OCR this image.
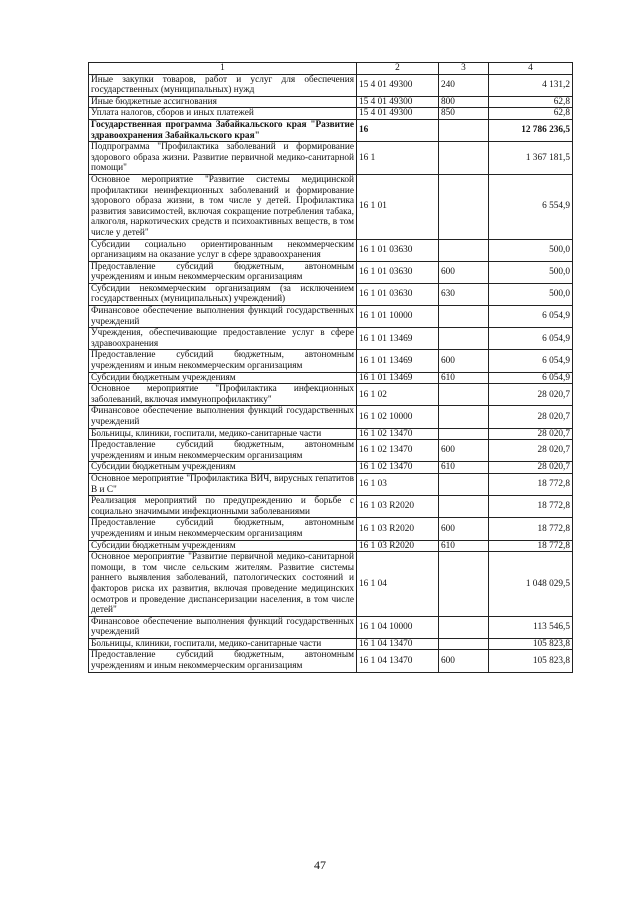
1	2	3	4
Иные закупки товаров, работ и услуг для обеспечения государственных (муниципальных) нужд	15 4 01 49300	240	4 131,2
Иные бюджетные ассигнования	15 4 01 49300	800	62,8
Уплата налогов, сборов и иных платежей	15 4 01 49300	850	62,8
Государственная программа Забайкальского края "Развитие здравоохранения Забайкальского края"	16		12 786 236,5
Подпрограмма "Профилактика заболеваний и формирование здорового образа жизни. Развитие первичной медико-санитарной помощи"	16 1		1 367 181,5
Основное мероприятие "Развитие системы медицинской профилактики неинфекционных заболеваний и формирование здорового образа жизни, в том числе у детей. Профилактика развития зависимостей, включая сокращение потребления табака, алкоголя, наркотических средств и психоактивных веществ, в том числе у детей"	16 1 01		6 554,9
Субсидии социально ориентированным некоммерческим организациям на оказание услуг в сфере здравоохранения	16 1 01 03630		500,0
Предоставление субсидий бюджетным, автономным учреждениям и иным некоммерческим организациям	16 1 01 03630	600	500,0
Субсидии некоммерческим организациям (за исключением государственных (муниципальных) учреждений)	16 1 01 03630	630	500,0
Финансовое обеспечение выполнения функций государственных учреждений	16 1 01 10000		6 054,9
Учреждения, обеспечивающие предоставление услуг в сфере здравоохранения	16 1 01 13469		6 054,9
Предоставление субсидий бюджетным, автономным учреждениям и иным некоммерческим организациям	16 1 01 13469	600	6 054,9
Субсидии бюджетным учреждениям	16 1 01 13469	610	6 054,9
Основное мероприятие "Профилактика инфекционных заболеваний, включая иммунопрофилактику"	16 1 02		28 020,7
Финансовое обеспечение выполнения функций государственных учреждений	16 1 02 10000		28 020,7
Больницы, клиники, госпитали, медико-санитарные части	16 1 02 13470		28 020,7
Предоставление субсидий бюджетным, автономным учреждениям и иным некоммерческим организациям	16 1 02 13470	600	28 020,7
Субсидии бюджетным учреждениям	16 1 02 13470	610	28 020,7
Основное мероприятие "Профилактика ВИЧ, вирусных гепатитов В и С"	16 1 03		18 772,8
Реализация мероприятий по предупреждению и борьбе с социально значимыми инфекционными заболеваниями	16 1 03 R2020		18 772,8
Предоставление субсидий бюджетным, автономным учреждениям и иным некоммерческим организациям	16 1 03 R2020	600	18 772,8
Субсидии бюджетным учреждениям	16 1 03 R2020	610	18 772,8
Основное мероприятие "Развитие первичной медико-санитарной помощи, в том числе сельским жителям. Развитие системы раннего выявления заболеваний, патологических состояний и факторов риска их развития, включая проведение медицинских осмотров и проведение диспансеризации населения, в том числе детей"	16 1 04		1 048 029,5
Финансовое обеспечение выполнения функций государственных учреждений	16 1 04 10000		113 546,5
Больницы, клиники, госпитали, медико-санитарные части	16 1 04 13470		105 823,8
Предоставление субсидий бюджетным, автономным учреждениям и иным некоммерческим организациям	16 1 04 13470	600	105 823,8
47
